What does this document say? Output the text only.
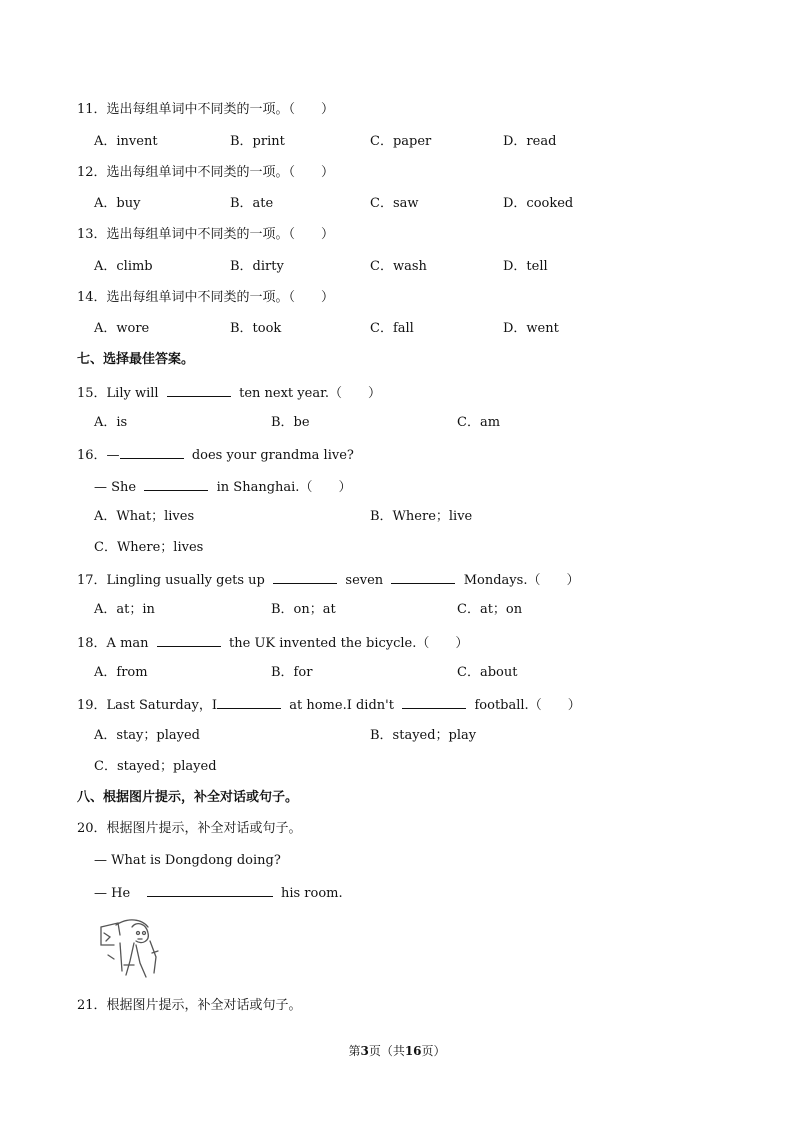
11．选出每组单词中不同类的一项。（　　）
A．invent	B．print	C．paper	D．read
12．选出每组单词中不同类的一项。（　　）
A．buy	B．ate	C．saw	D．cooked
13．选出每组单词中不同类的一项。（　　）
A．climb	B．dirty	C．wash	D．tell
14．选出每组单词中不同类的一项。（　　）
A．wore	B．took	C．fall	D．went
七、选择最佳答案。
15．Lily will	ten next year.（　　）
A．is	B．be	C．am
16．—	does your grandma live?
— She	in Shanghai.（　　）
A．What；lives	B．Where；live
C．Where；lives
17．Lingling usually gets up	seven	Mondays.（　　）
A．at；in	B．on；at	C．at；on
18．A man	the UK invented the bicycle.（　　）
A．from	B．for	C．about
19．Last Saturday，I	at home.I didn't	football.（　　）
A．stay；played	B．stayed；play
C．stayed；played
八、根据图片提示，补全对话或句子。
20．根据图片提示，补全对话或句子。
— What is Dongdong doing?
— He	his room.
21．根据图片提示，补全对话或句子。
第3页（共16页）
